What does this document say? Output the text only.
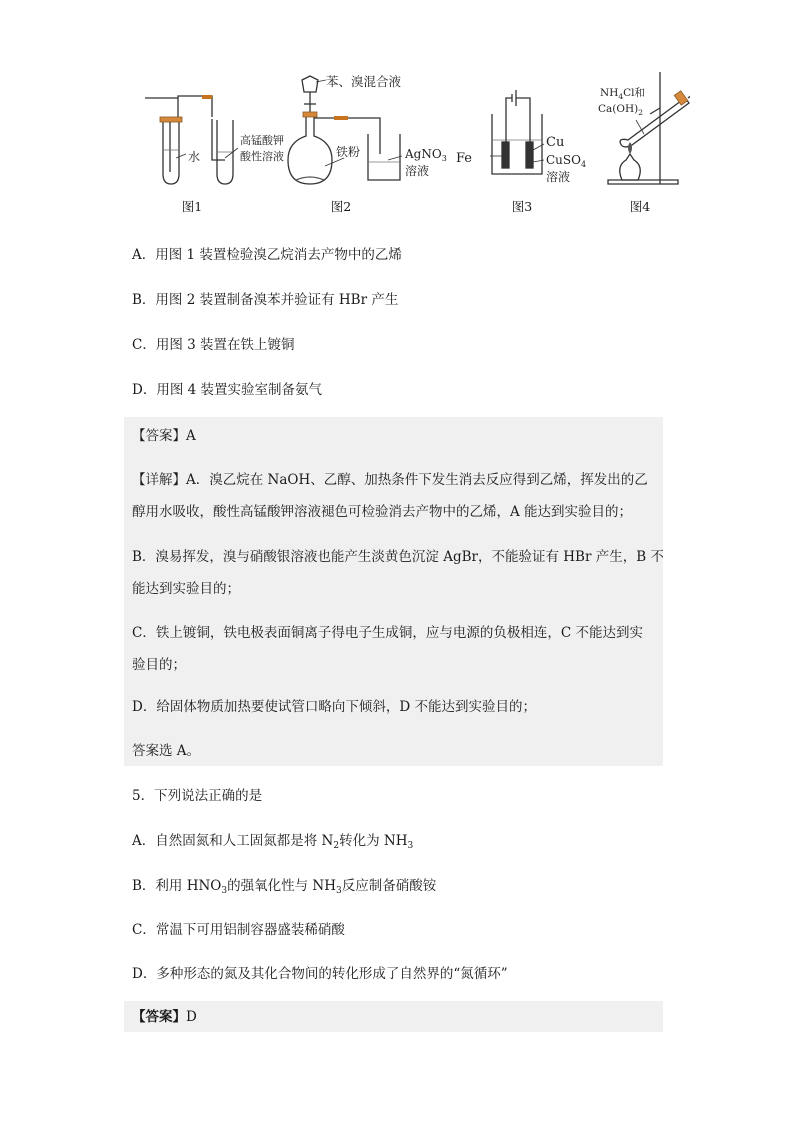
水
高锰酸钾
酸性溶液
苯、溴混合液
铁粉	AgNO$_3$
溶液
Fe
Cu
CuSO$_4$
溶液
$NH_4Cl$和
$Ca(OH)_2$
图1	图2	图3	图4
A．用图 1 装置检验溴乙烷消去产物中的乙烯
B．用图 2 装置制备溴苯并验证有 HBr 产生
C．用图 3 装置在铁上镀铜
D．用图 4 装置实验室制备氨气
【答案】A
【详解】A．溴乙烷在 NaOH、乙醇、加热条件下发生消去反应得到乙烯，挥发出的乙
醇用水吸收，酸性高锰酸钾溶液褪色可检验消去产物中的乙烯，A 能达到实验目的；
B．溴易挥发，溴与硝酸银溶液也能产生淡黄色沉淀 AgBr，不能验证有 HBr 产生，B 不
能达到实验目的；
C．铁上镀铜，铁电极表面铜离子得电子生成铜，应与电源的负极相连，C 不能达到实
验目的；
D．给固体物质加热要使试管口略向下倾斜，D 不能达到实验目的；
答案选 A。
5．下列说法正确的是
A．自然固氮和人工固氮都是将 $N_2$转化为 $NH_3$
B．利用 $HNO_3$的强氧化性与 $NH_3$反应制备硝酸铵
C．常温下可用铝制容器盛装稀硝酸
D．多种形态的氮及其化合物间的转化形成了自然界的“氮循环”
【答案】D
